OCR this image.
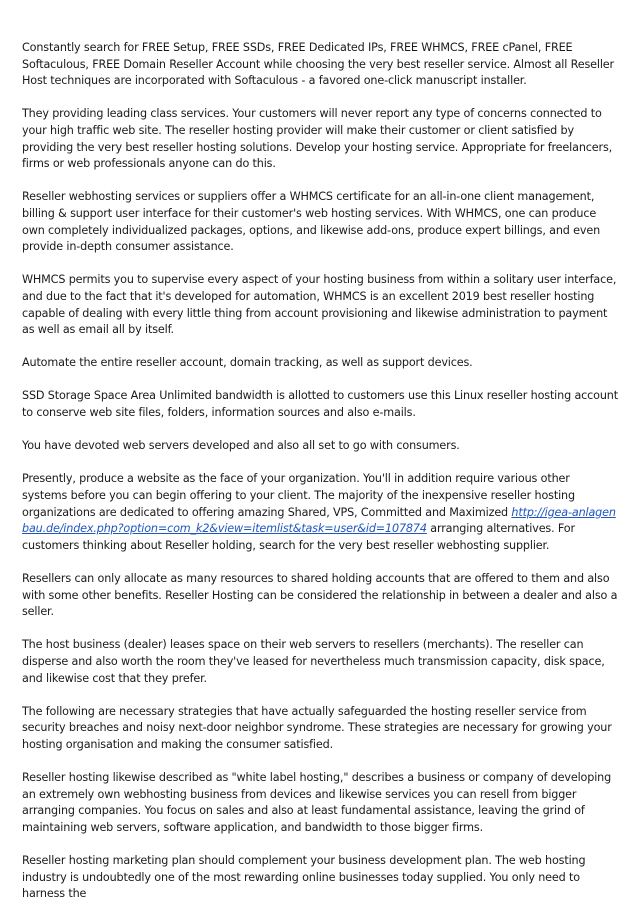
Constantly search for FREE Setup, FREE SSDs, FREE Dedicated IPs, FREE WHMCS, FREE cPanel, FREE Softaculous, FREE Domain Reseller Account while choosing the very best reseller service. Almost all Reseller Host techniques are incorporated with Softaculous - a favored one-click manuscript installer.

They providing leading class services. Your customers will never report any type of concerns connected to your high traffic web site. The reseller hosting provider will make their customer or client satisfied by providing the very best reseller hosting solutions. Develop your hosting service. Appropriate for freelancers, firms or web professionals anyone can do this.

Reseller webhosting services or suppliers offer a WHMCS certificate for an all-in-one client management, billing & support user interface for their customer's web hosting services. With WHMCS, one can produce own completely individualized packages, options, and likewise add-ons, produce expert billings, and even provide in-depth consumer assistance.

WHMCS permits you to supervise every aspect of your hosting business from within a solitary user interface, and due to the fact that it's developed for automation, WHMCS is an excellent 2019 best reseller hosting capable of dealing with every little thing from account provisioning and likewise administration to payment as well as email all by itself.

Automate the entire reseller account, domain tracking, as well as support devices.

SSD Storage Space Area Unlimited bandwidth is allotted to customers use this Linux reseller hosting account to conserve web site files, folders, information sources and also e-mails.

You have devoted web servers developed and also all set to go with consumers.

Presently, produce a website as the face of your organization. You'll in addition require various other systems before you can begin offering to your client. The majority of the inexpensive reseller hosting organizations are dedicated to offering amazing Shared, VPS, Committed and Maximized http://igea-anlagenbau.de/index.php?option=com_k2&view=itemlist&task=user&id=107874 arranging alternatives. For customers thinking about Reseller holding, search for the very best reseller webhosting supplier.

Resellers can only allocate as many resources to shared holding accounts that are offered to them and also with some other benefits. Reseller Hosting can be considered the relationship in between a dealer and also a seller.

The host business (dealer) leases space on their web servers to resellers (merchants). The reseller can disperse and also worth the room they've leased for nevertheless much transmission capacity, disk space, and likewise cost that they prefer.

The following are necessary strategies that have actually safeguarded the hosting reseller service from security breaches and noisy next-door neighbor syndrome. These strategies are necessary for growing your hosting organisation and making the consumer satisfied.

Reseller hosting likewise described as "white label hosting," describes a business or company of developing an extremely own webhosting business from devices and likewise services you can resell from bigger arranging companies. You focus on sales and also at least fundamental assistance, leaving the grind of maintaining web servers, software application, and bandwidth to those bigger firms.

Reseller hosting marketing plan should complement your business development plan. The web hosting industry is undoubtedly one of the most rewarding online businesses today supplied. You only need to harness the
